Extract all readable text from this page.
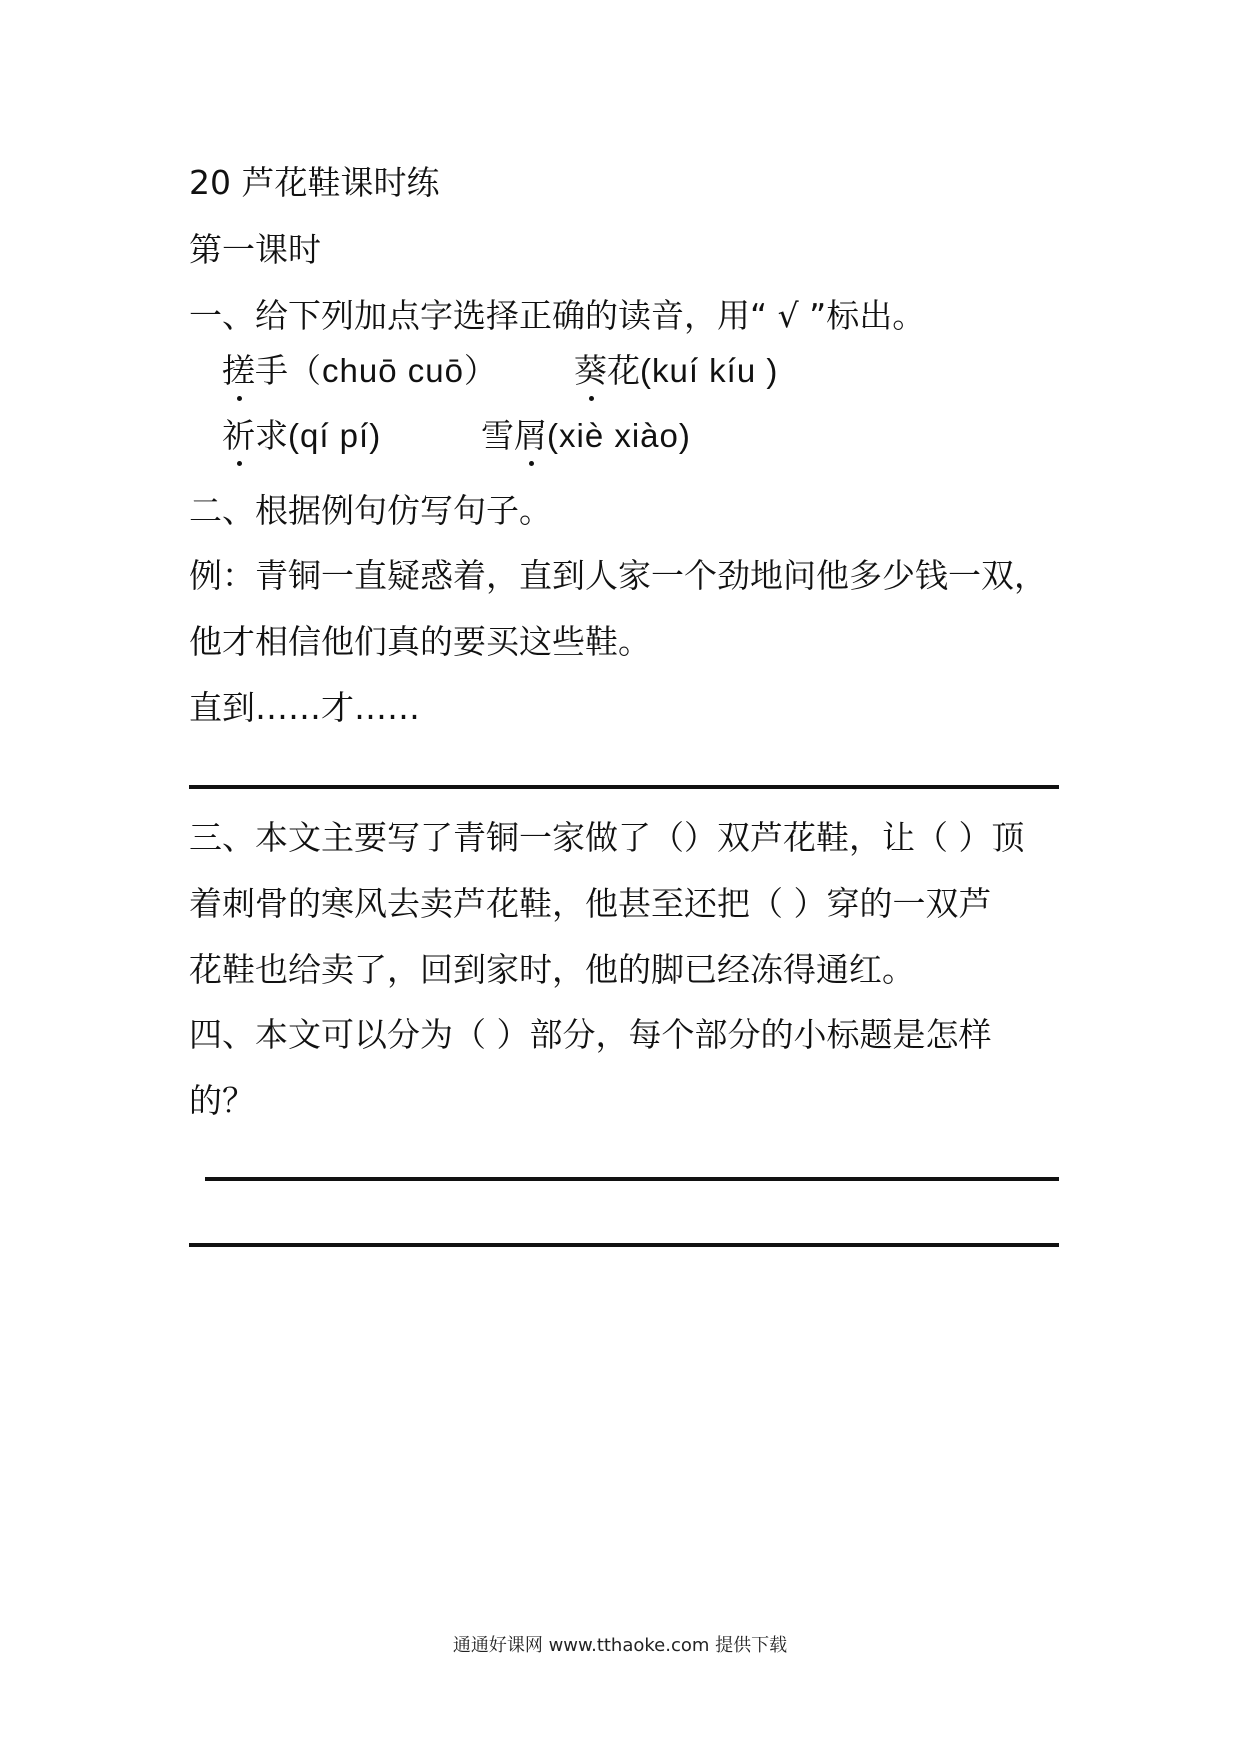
20 芦花鞋课时练
第一课时
一、给下列加点字选择正确的读音，用“ √ ”标出。
搓手（chuō cuō） 葵花(kuí kíu )
祈求(qí pí)	雪屑(xiè xiào)
二、根据例句仿写句子。
例：青铜一直疑惑着，直到人家一个劲地问他多少钱一双，
他才相信他们真的要买这些鞋。
直到……才……
三、本文主要写了青铜一家做了（）双芦花鞋，让（ ）顶
着刺骨的寒风去卖芦花鞋，他甚至还把（ ）穿的一双芦
花鞋也给卖了，回到家时，他的脚已经冻得通红。
四、本文可以分为（ ）部分，每个部分的小标题是怎样
的？
通通好课网 www.tthaoke.com 提供下载
